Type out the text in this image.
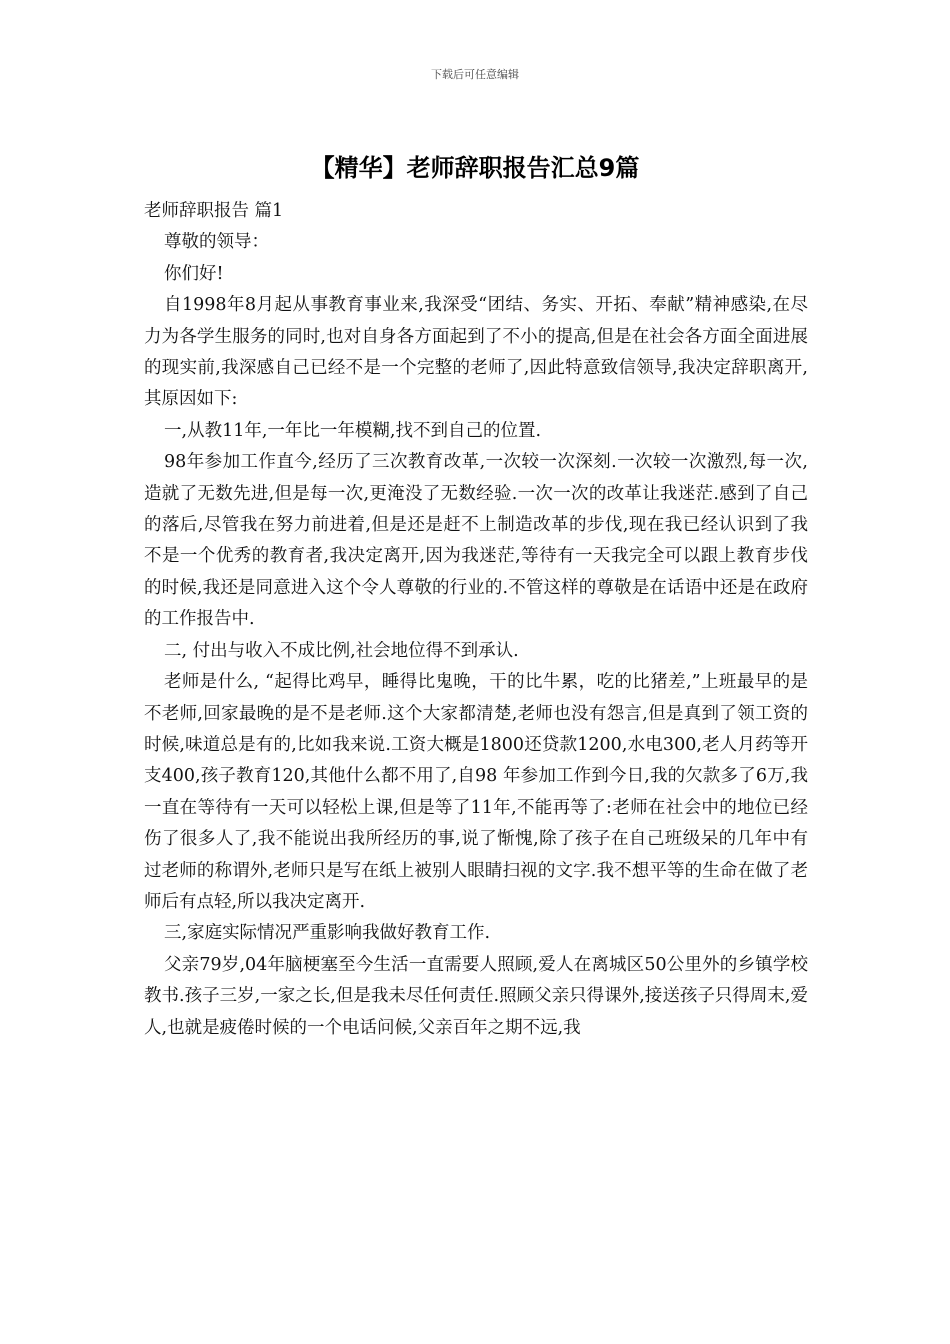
下载后可任意编辑
【精华】老师辞职报告汇总9篇

老师辞职报告 篇1

尊敬的领导：

你们好!

自1998年8月起从事教育事业来,我深受“团结、务实、开拓、奉献”精神感染,在尽力为各学生服务的同时,也对自身各方面起到了不小的提高,但是在社会各方面全面进展的现实前,我深感自己已经不是一个完整的老师了,因此特意致信领导,我决定辞职离开,其原因如下:

一,从教11年,一年比一年模糊,找不到自己的位置.

98年参加工作直今,经历了三次教育改革,一次较一次深刻.一次较一次激烈,每一次,造就了无数先进,但是每一次,更淹没了无数经验.一次一次的改革让我迷茫.感到了自己的落后,尽管我在努力前进着,但是还是赶不上制造改革的步伐,现在我已经认识到了我不是一个优秀的教育者,我决定离开,因为我迷茫,等待有一天我完全可以跟上教育步伐的时候,我还是同意进入这个令人尊敬的行业的.不管这样的尊敬是在话语中还是在政府的工作报告中.

二, 付出与收入不成比例,社会地位得不到承认.

老师是什么, “起得比鸡早，睡得比鬼晚，干的比牛累，吃的比猪差,”上班最早的是不老师,回家最晚的是不是老师.这个大家都清楚,老师也没有怨言,但是真到了领工资的时候,味道总是有的,比如我来说.工资大概是1800还贷款1200,水电300,老人月药等开支400,孩子教育120,其他什么都不用了,自98 年参加工作到今日,我的欠款多了6万,我一直在等待有一天可以轻松上课,但是等了11年,不能再等了:老师在社会中的地位已经伤了很多人了,我不能说出我所经历的事,说了惭愧,除了孩子在自己班级呆的几年中有过老师的称谓外,老师只是写在纸上被别人眼睛扫视的文字.我不想平等的生命在做了老师后有点轻,所以我决定离开.

三,家庭实际情况严重影响我做好教育工作.

父亲79岁,04年脑梗塞至今生活一直需要人照顾,爱人在离城区50公里外的乡镇学校教书.孩子三岁,一家之长,但是我未尽任何责任.照顾父亲只得课外,接送孩子只得周末,爱人,也就是疲倦时候的一个电话问候,父亲百年之期不远,我
